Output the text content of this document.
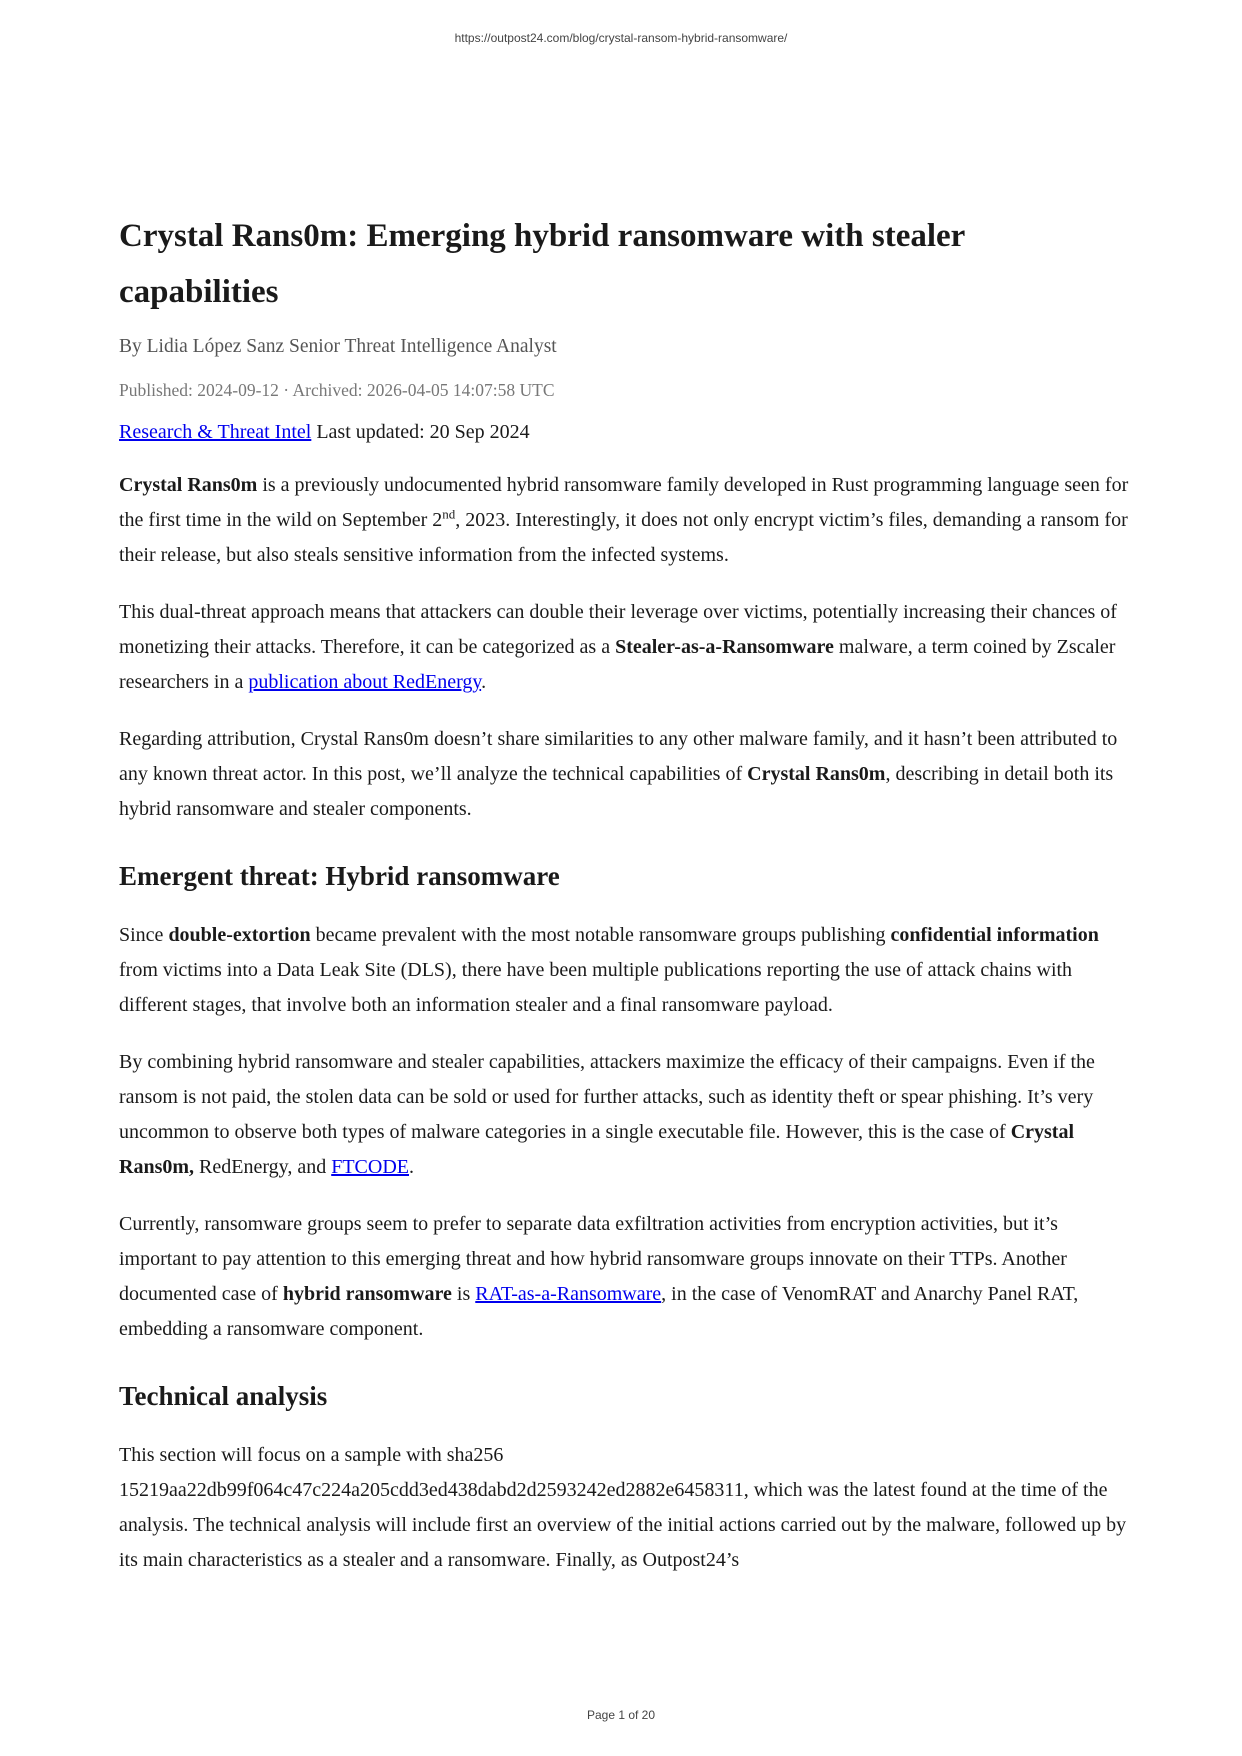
https://outpost24.com/blog/crystal-ransom-hybrid-ransomware/
Crystal Rans0m: Emerging hybrid ransomware with stealer capabilities
By Lidia López Sanz Senior Threat Intelligence Analyst
Published: 2024-09-12 · Archived: 2026-04-05 14:07:58 UTC
Research & Threat Intel Last updated: 20 Sep 2024

Crystal Rans0m is a previously undocumented hybrid ransomware family developed in Rust programming language seen for the first time in the wild on September 2nd, 2023. Interestingly, it does not only encrypt victim’s files, demanding a ransom for their release, but also steals sensitive information from the infected systems.

This dual-threat approach means that attackers can double their leverage over victims, potentially increasing their chances of monetizing their attacks. Therefore, it can be categorized as a Stealer-as-a-Ransomware malware, a term coined by Zscaler researchers in a publication about RedEnergy.

Regarding attribution, Crystal Rans0m doesn’t share similarities to any other malware family, and it hasn’t been attributed to any known threat actor. In this post, we’ll analyze the technical capabilities of Crystal Rans0m, describing in detail both its hybrid ransomware and stealer components.

Emergent threat: Hybrid ransomware

Since double-extortion became prevalent with the most notable ransomware groups publishing confidential information from victims into a Data Leak Site (DLS), there have been multiple publications reporting the use of attack chains with different stages, that involve both an information stealer and a final ransomware payload.

By combining hybrid ransomware and stealer capabilities, attackers maximize the efficacy of their campaigns. Even if the ransom is not paid, the stolen data can be sold or used for further attacks, such as identity theft or spear phishing. It’s very uncommon to observe both types of malware categories in a single executable file. However, this is the case of Crystal Rans0m, RedEnergy, and FTCODE.

Currently, ransomware groups seem to prefer to separate data exfiltration activities from encryption activities, but it’s important to pay attention to this emerging threat and how hybrid ransomware groups innovate on their TTPs. Another documented case of hybrid ransomware is RAT-as-a-Ransomware, in the case of VenomRAT and Anarchy Panel RAT, embedding a ransomware component.

Technical analysis

This section will focus on a sample with sha256 15219aa22db99f064c47c224a205cdd3ed438dabd2d2593242ed2882e6458311, which was the latest found at the time of the analysis. The technical analysis will include first an overview of the initial actions carried out by the malware, followed up by its main characteristics as a stealer and a ransomware. Finally, as Outpost24’s

Page 1 of 20
